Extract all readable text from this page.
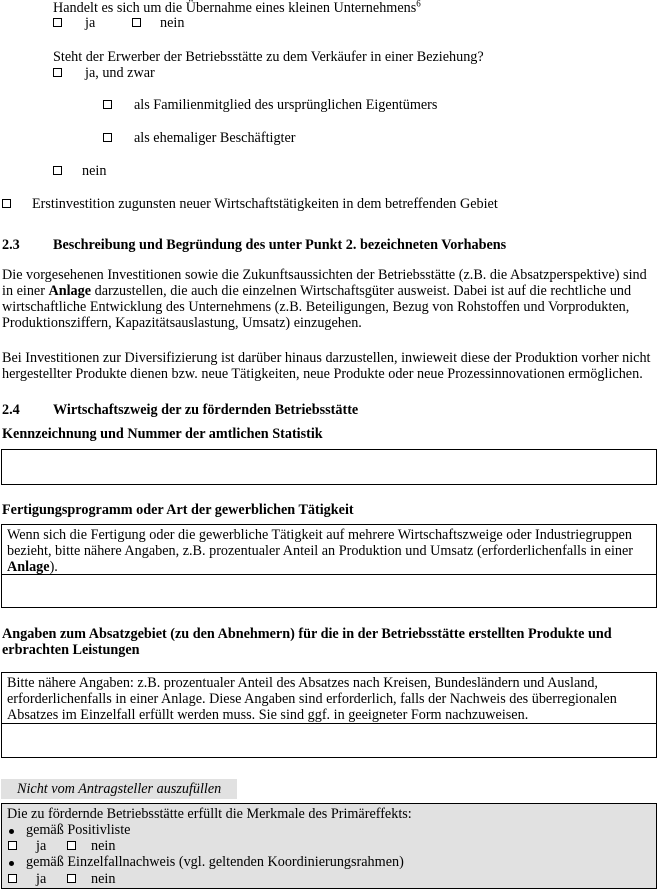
Handelt es sich um die Übernahme eines kleinen Unternehmens$^6$
ja	nein
Steht der Erwerber der Betriebsstätte zu dem Verkäufer in einer Beziehung?
ja, und zwar
als Familienmitglied des ursprünglichen Eigentümers
als ehemaliger Beschäftigter
nein
Erstinvestition zugunsten neuer Wirtschaftstätigkeiten in dem betreffenden Gebiet
2.3 Beschreibung und Begründung des unter Punkt 2. bezeichneten Vorhabens
Die vorgesehenen Investitionen sowie die Zukunftsaussichten der Betriebsstätte (z.B. die Absatzperspektive) sind in einer Anlage darzustellen, die auch die einzelnen Wirtschaftsgüter ausweist. Dabei ist auf die rechtliche und wirtschaftliche Entwicklung des Unternehmens (z.B. Beteiligungen, Bezug von Rohstoffen und Vorprodukten, Produktionsziffern, Kapazitätsauslastung, Umsatz) einzugehen.
Bei Investitionen zur Diversifizierung ist darüber hinaus darzustellen, inwieweit diese der Produktion vorher nicht hergestellter Produkte dienen bzw. neue Tätigkeiten, neue Produkte oder neue Prozessinnovationen ermöglichen.
2.4 Wirtschaftszweig der zu fördernden Betriebsstätte
Kennzeichnung und Nummer der amtlichen Statistik
Fertigungsprogramm oder Art der gewerblichen Tätigkeit
Wenn sich die Fertigung oder die gewerbliche Tätigkeit auf mehrere Wirtschaftszweige oder Industriegruppen bezieht, bitte nähere Angaben, z.B. prozentualer Anteil an Produktion und Umsatz (erforderlichenfalls in einer Anlage).
Angaben zum Absatzgebiet (zu den Abnehmern) für die in der Betriebsstätte erstellten Produkte und erbrachten Leistungen
Bitte nähere Angaben: z.B. prozentualer Anteil des Absatzes nach Kreisen, Bundesländern und Ausland, erforderlichenfalls in einer Anlage. Diese Angaben sind erforderlich, falls der Nachweis des überregionalen Absatzes im Einzelfall erfüllt werden muss. Sie sind ggf. in geeigneter Form nachzuweisen.
Nicht vom Antragsteller auszufüllen
Die zu fördernde Betriebsstätte erfüllt die Merkmale des Primäreffekts:
gemäß Positivliste
ja	nein
gemäß Einzelfallnachweis (vgl. geltenden Koordinierungsrahmen)
ja	nein
